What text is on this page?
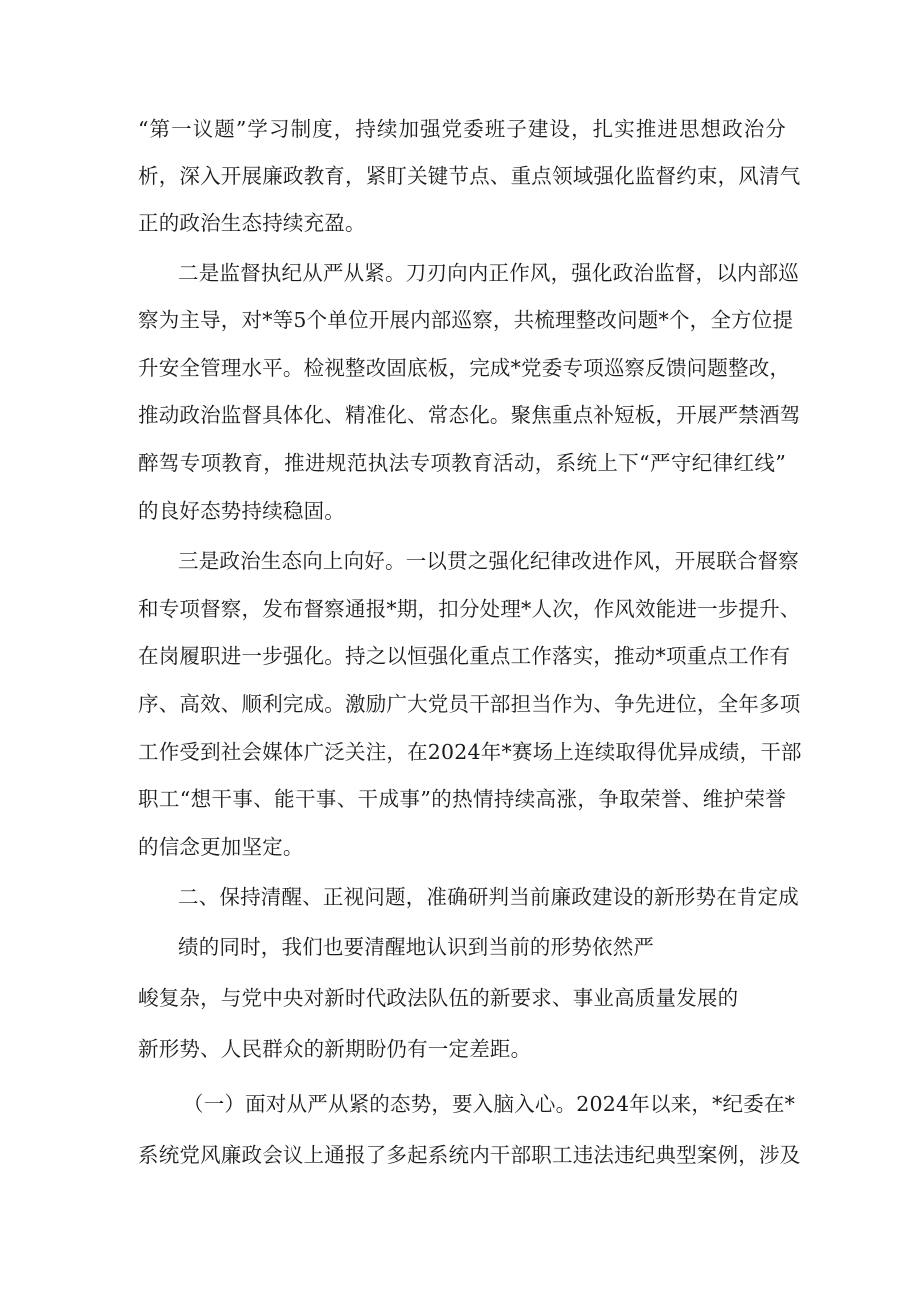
“第一议题”学习制度，持续加强党委班子建设，扎实推进思想政治分
析，深入开展廉政教育，紧盯关键节点、重点领域强化监督约束，风清气
正的政治生态持续充盈。
二是监督执纪从严从紧。刀刃向内正作风，强化政治监督，以内部巡
察为主导，对*等5个单位开展内部巡察，共梳理整改问题*个，全方位提
升安全管理水平。检视整改固底板，完成*党委专项巡察反馈问题整改，
推动政治监督具体化、精准化、常态化。聚焦重点补短板，开展严禁酒驾
醉驾专项教育，推进规范执法专项教育活动，系统上下“严守纪律红线”
的良好态势持续稳固。
三是政治生态向上向好。一以贯之强化纪律改进作风，开展联合督察
和专项督察，发布督察通报*期，扣分处理*人次，作风效能进一步提升、
在岗履职进一步强化。持之以恒强化重点工作落实，推动*项重点工作有
序、高效、顺利完成。激励广大党员干部担当作为、争先进位，全年多项
工作受到社会媒体广泛关注，在2024年*赛场上连续取得优异成绩，干部
职工“想干事、能干事、干成事”的热情持续高涨，争取荣誉、维护荣誉
的信念更加坚定。
二、保持清醒、正视问题，准确研判当前廉政建设的新形势在肯定成
绩的同时，我们也要清醒地认识到当前的形势依然严
峻复杂，与党中央对新时代政法队伍的新要求、事业高质量发展的
新形势、人民群众的新期盼仍有一定差距。
（一）面对从严从紧的态势，要入脑入心。2024年以来，*纪委在*
系统党风廉政会议上通报了多起系统内干部职工违法违纪典型案例，涉及
